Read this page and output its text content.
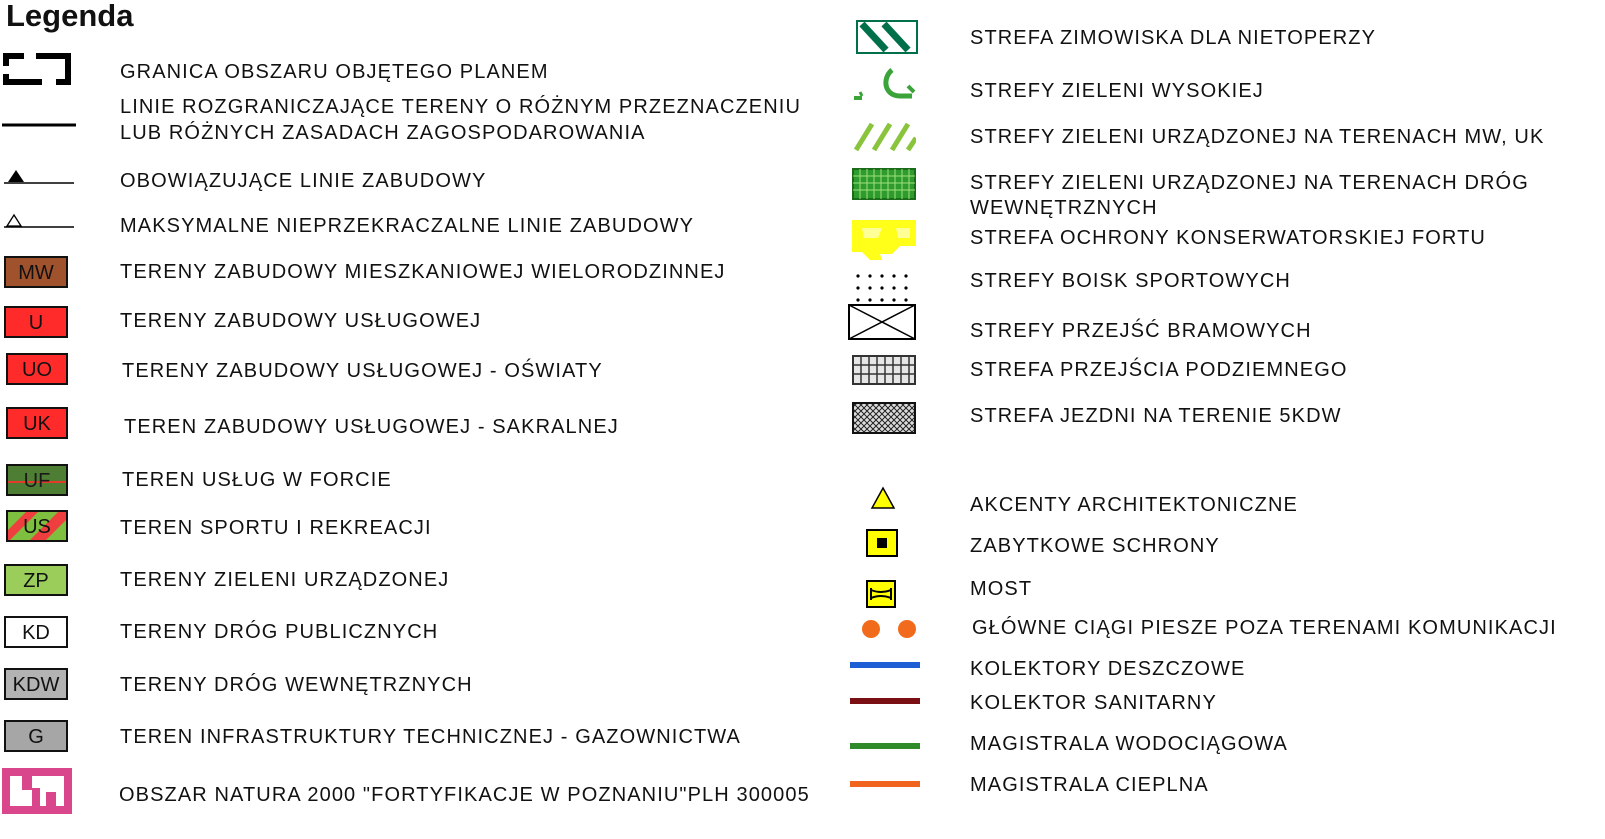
Legenda
GRANICA OBSZARU OBJĘTEGO PLANEM
LINIE ROZGRANICZAJĄCE TERENY O RÓŻNYM PRZEZNACZENIU
LUB RÓŻNYCH ZASADACH ZAGOSPODAROWANIA
OBOWIĄZUJĄCE LINIE ZABUDOWY
MAKSYMALNE NIEPRZEKRACZALNE LINIE ZABUDOWY
MW	TERENY ZABUDOWY MIESZKANIOWEJ WIELORODZINNEJ
U	TERENY ZABUDOWY USŁUGOWEJ
UO	TERENY ZABUDOWY USŁUGOWEJ - OŚWIATY
UK	TEREN ZABUDOWY USŁUGOWEJ - SAKRALNEJ
UF	TEREN USŁUG W FORCIE
US	TEREN SPORTU I REKREACJI
ZP	TERENY ZIELENI URZĄDZONEJ
KD	TERENY DRÓG PUBLICZNYCH
KDW	TERENY DRÓG WEWNĘTRZNYCH
G	TEREN INFRASTRUKTURY TECHNICZNEJ - GAZOWNICTWA
OBSZAR NATURA 2000 "FORTYFIKACJE W POZNANIU"PLH 300005
STREFA ZIMOWISKA DLA NIETOPERZY
STREFY ZIELENI WYSOKIEJ
STREFY ZIELENI URZĄDZONEJ NA TERENACH MW, UK
STREFY ZIELENI URZĄDZONEJ NA TERENACH DRÓG
WEWNĘTRZNYCH
STREFA OCHRONY KONSERWATORSKIEJ FORTU
STREFY BOISK SPORTOWYCH
STREFY PRZEJŚĆ BRAMOWYCH
STREFA PRZEJŚCIA PODZIEMNEGO
STREFA JEZDNI NA TERENIE 5KDW
AKCENTY ARCHITEKTONICZNE
ZABYTKOWE SCHRONY
MOST
GŁÓWNE CIĄGI PIESZE POZA TERENAMI KOMUNIKACJI
KOLEKTORY DESZCZOWE
KOLEKTOR SANITARNY
MAGISTRALA WODOCIĄGOWA
MAGISTRALA CIEPLNA
